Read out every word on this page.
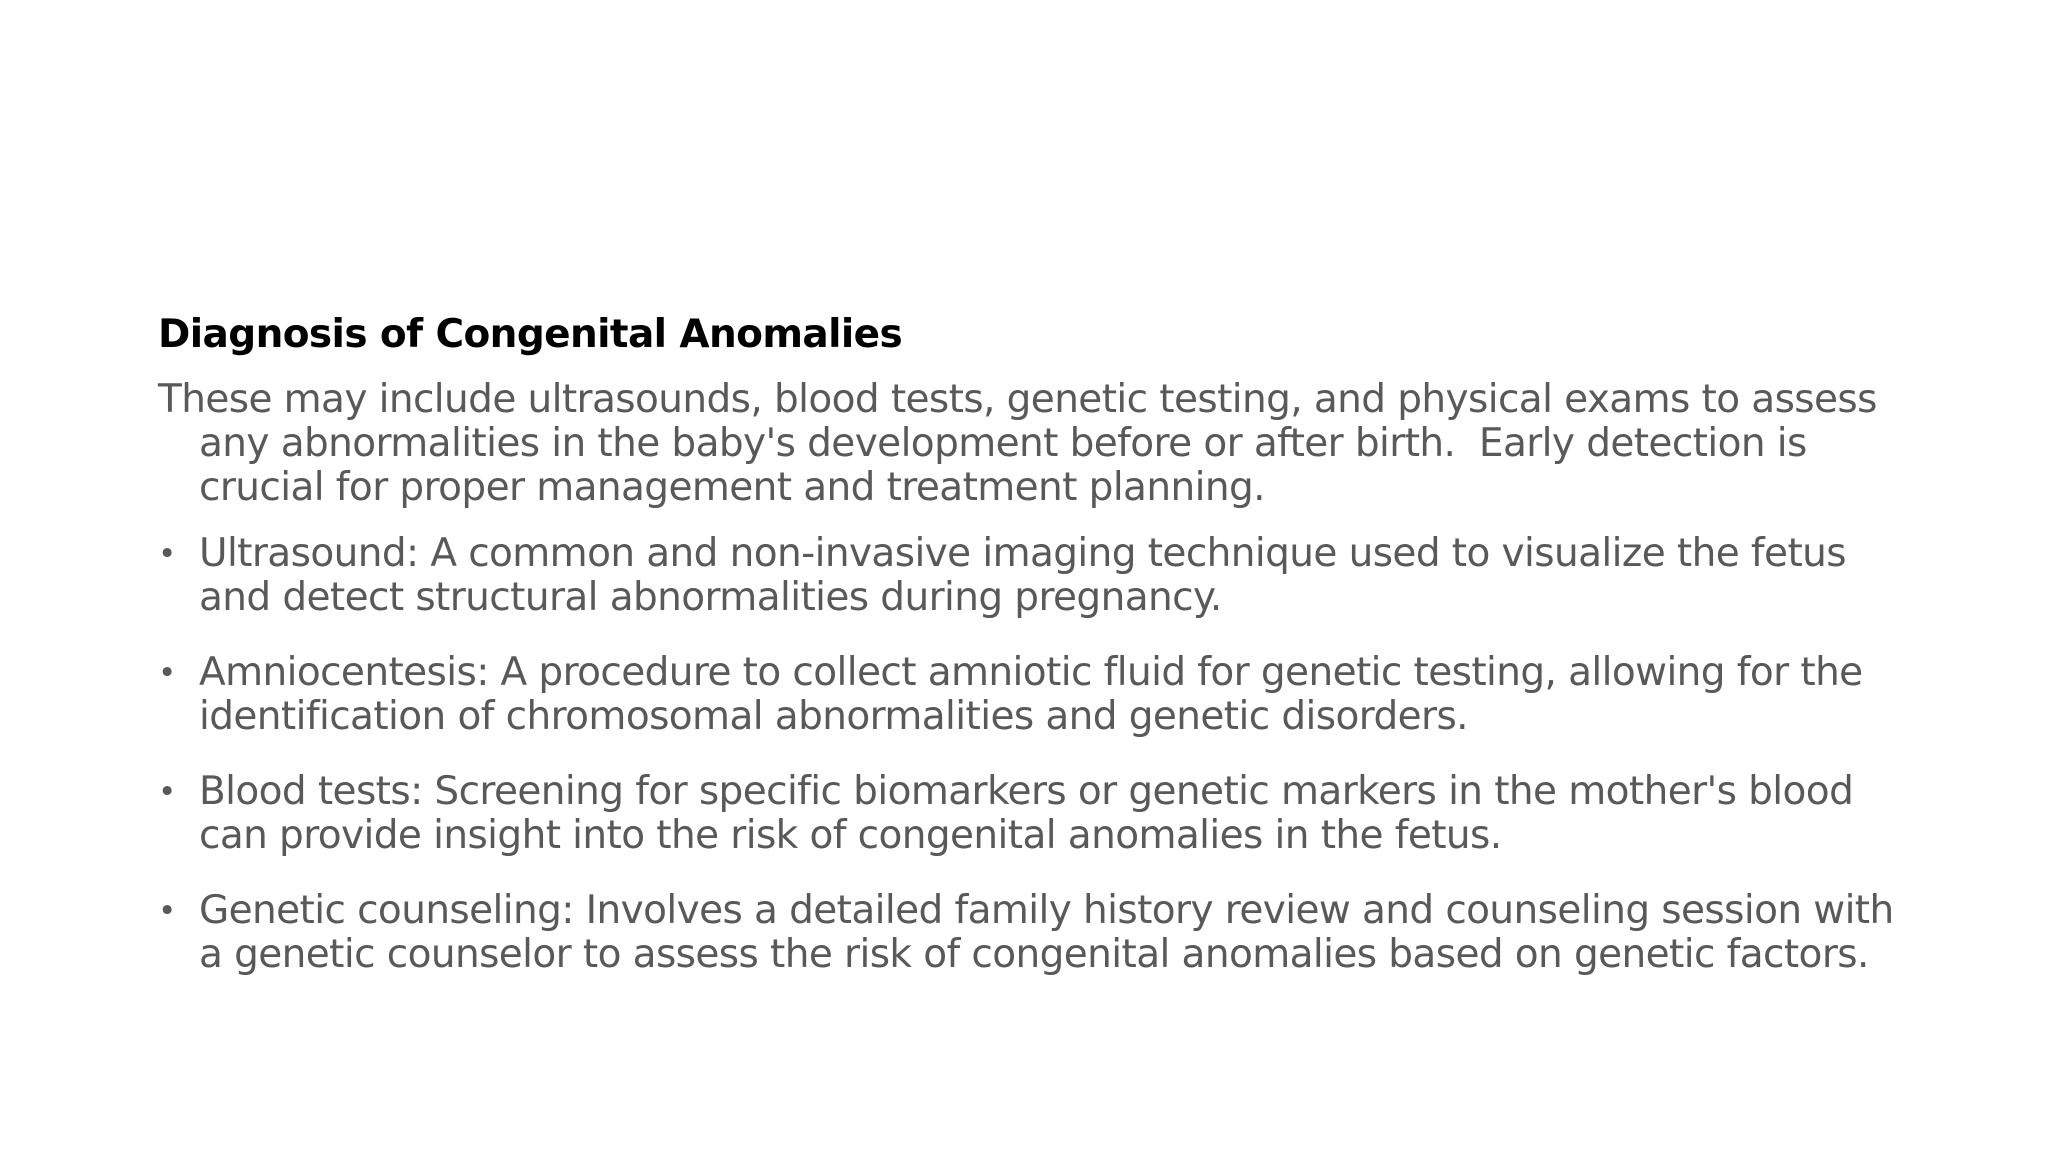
Diagnosis of Congenital Anomalies

These may include ultrasounds, blood tests, genetic testing, and physical exams to assess any abnormalities in the baby's development before or after birth.  Early detection is crucial for proper management and treatment planning.

• Ultrasound: A common and non-invasive imaging technique used to visualize the fetus and detect structural abnormalities during pregnancy.
• Amniocentesis: A procedure to collect amniotic fluid for genetic testing, allowing for the identification of chromosomal abnormalities and genetic disorders.
• Blood tests: Screening for specific biomarkers or genetic markers in the mother's blood can provide insight into the risk of congenital anomalies in the fetus.
• Genetic counseling: Involves a detailed family history review and counseling session with a genetic counselor to assess the risk of congenital anomalies based on genetic factors.
